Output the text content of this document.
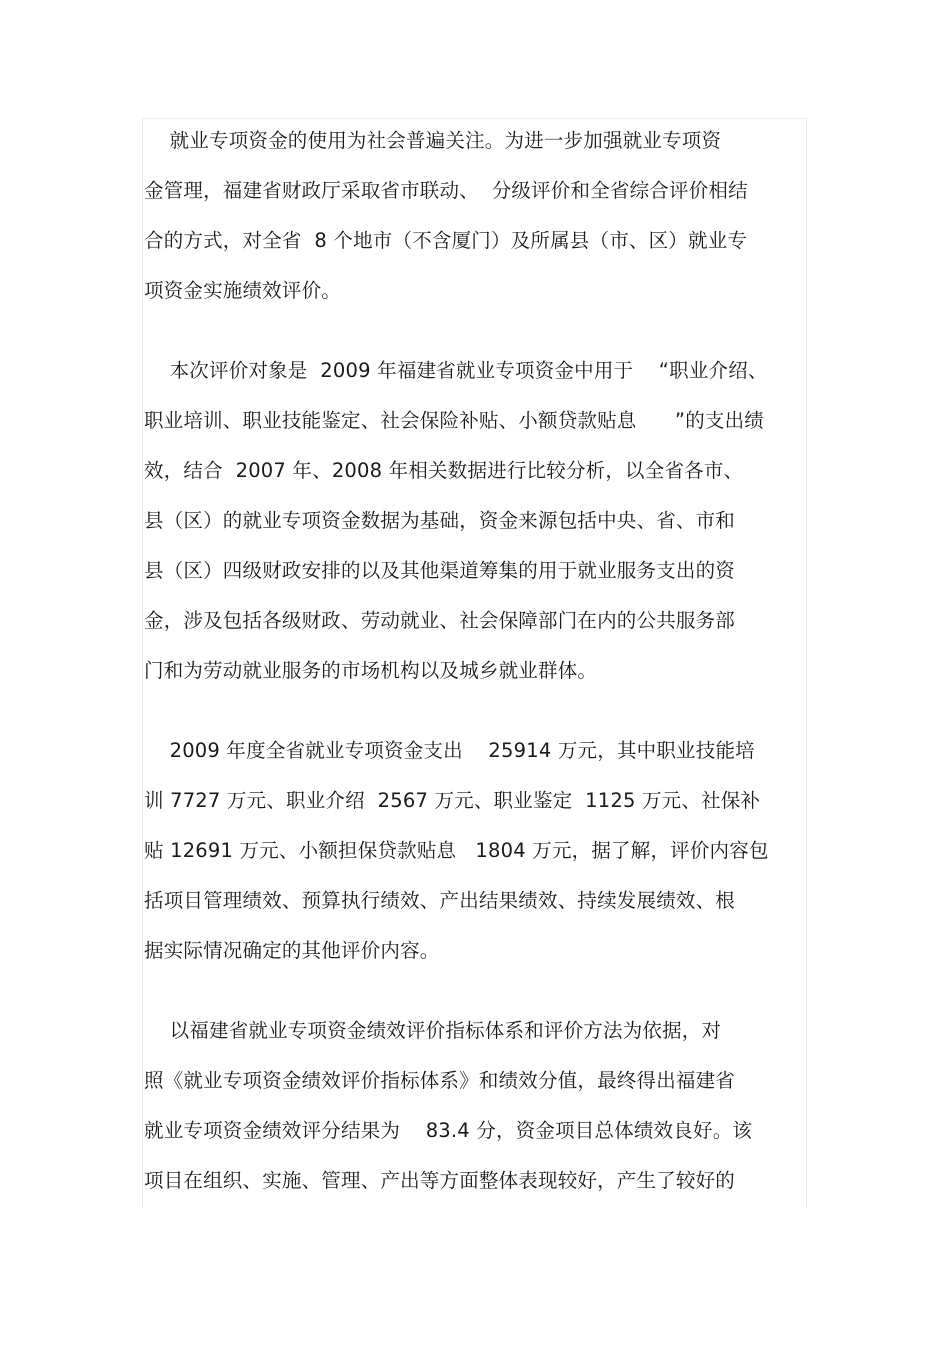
就业专项资金的使用为社会普遍关注。为进一步加强就业专项资
金管理，福建省财政厅采取省市联动、  分级评价和全省综合评价相结
合的方式，对全省  8 个地市（不含厦门）及所属县（市、区）就业专
项资金实施绩效评价。
本次评价对象是  2009 年福建省就业专项资金中用于    “职业介绍、
职业培训、职业技能鉴定、社会保险补贴、小额贷款贴息      ”的支出绩
效，结合  2007 年、2008 年相关数据进行比较分析，以全省各市、
县（区）的就业专项资金数据为基础，资金来源包括中央、省、市和
县（区）四级财政安排的以及其他渠道筹集的用于就业服务支出的资
金，涉及包括各级财政、劳动就业、社会保障部门在内的公共服务部
门和为劳动就业服务的市场机构以及城乡就业群体。
2009 年度全省就业专项资金支出    25914 万元，其中职业技能培
训 7727 万元、职业介绍  2567 万元、职业鉴定  1125 万元、社保补
贴 12691 万元、小额担保贷款贴息   1804 万元，据了解，评价内容包
括项目管理绩效、预算执行绩效、产出结果绩效、持续发展绩效、根
据实际情况确定的其他评价内容。
以福建省就业专项资金绩效评价指标体系和评价方法为依据，对
照《就业专项资金绩效评价指标体系》和绩效分值，最终得出福建省
就业专项资金绩效评分结果为    83.4 分，资金项目总体绩效良好。该
项目在组织、实施、管理、产出等方面整体表现较好，产生了较好的
